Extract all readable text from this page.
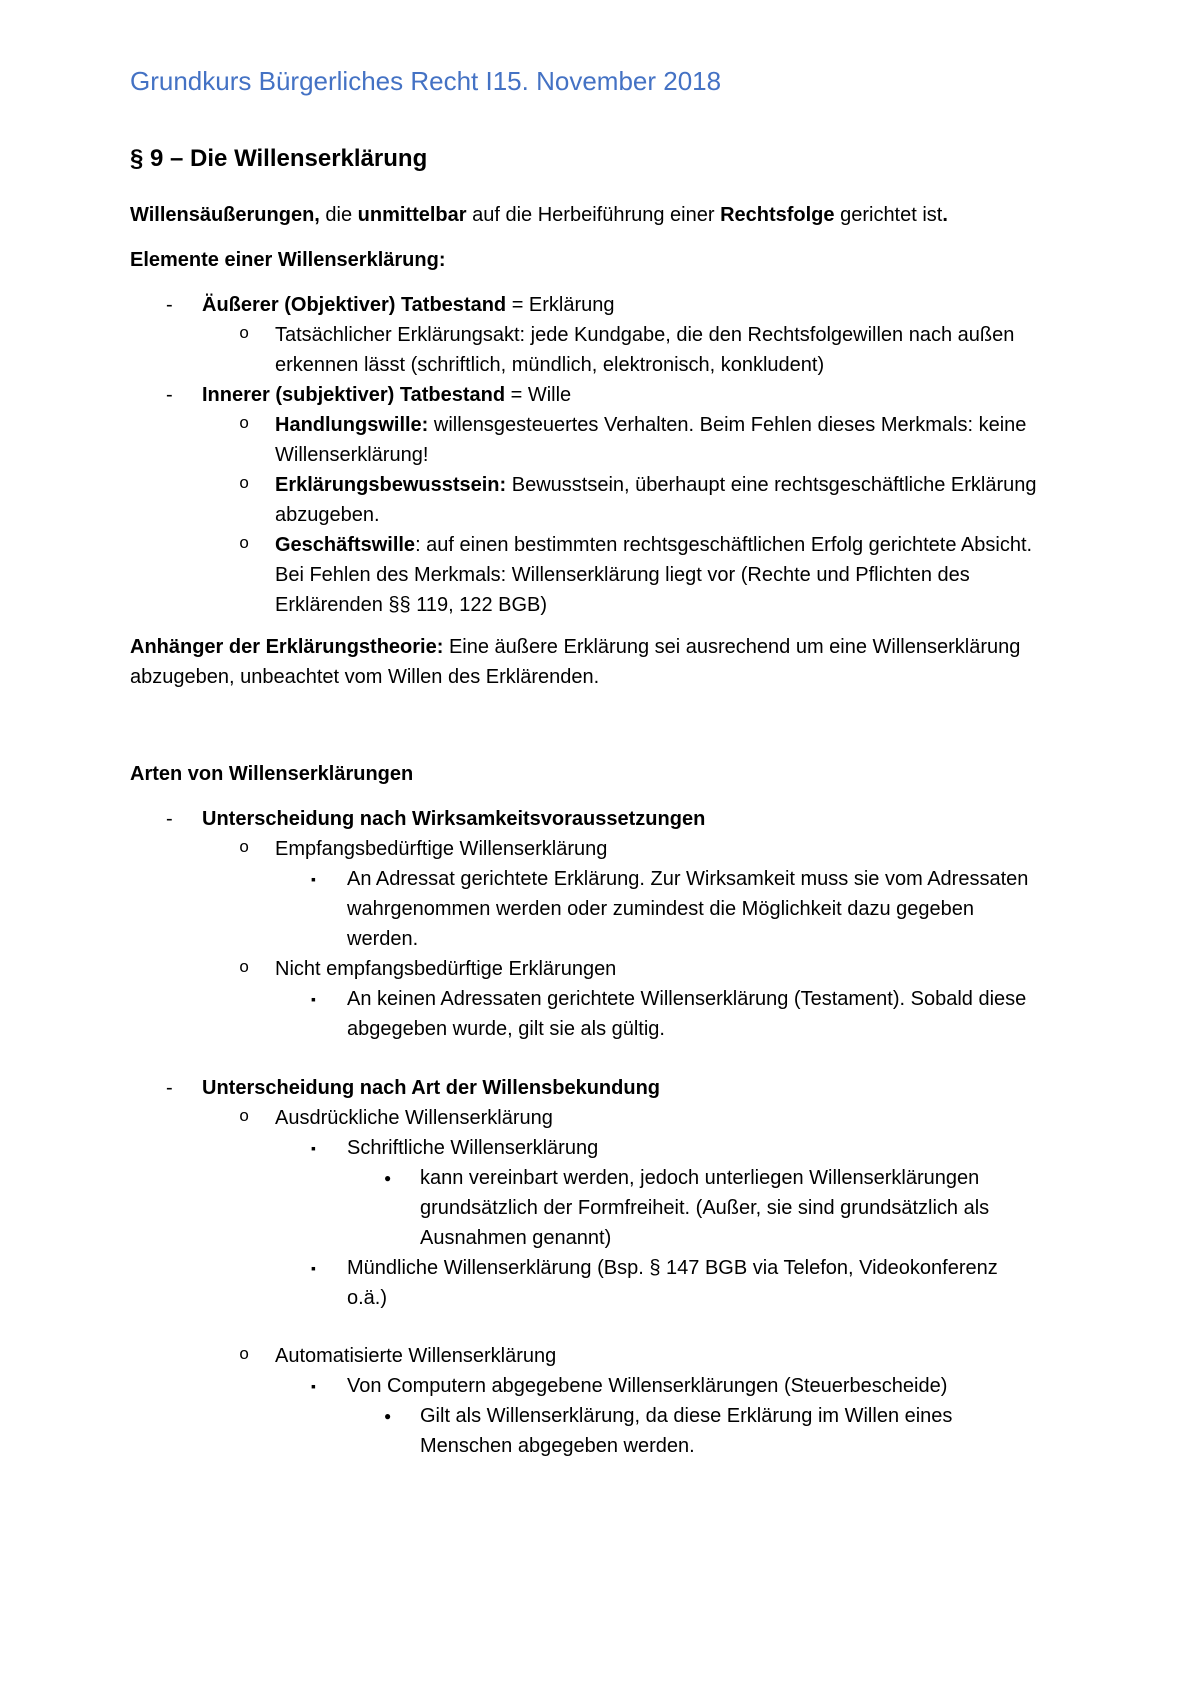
Grundkurs Bürgerliches Recht I15. November 2018
§ 9 – Die Willenserklärung
Willensäußerungen, die unmittelbar auf die Herbeiführung einer Rechtsfolge gerichtet ist.
Elemente einer Willenserklärung:
- Äußerer (Objektiver) Tatbestand = Erklärung
o Tatsächlicher Erklärungsakt: jede Kundgabe, die den Rechtsfolgewillen nach außen
erkennen lässt (schriftlich, mündlich, elektronisch, konkludent)
- Innerer (subjektiver) Tatbestand = Wille
o Handlungswille: willensgesteuertes Verhalten. Beim Fehlen dieses Merkmals: keine
Willenserklärung!
o Erklärungsbewusstsein: Bewusstsein, überhaupt eine rechtsgeschäftliche Erklärung
abzugeben.
o Geschäftswille: auf einen bestimmten rechtsgeschäftlichen Erfolg gerichtete Absicht.
Bei Fehlen des Merkmals: Willenserklärung liegt vor (Rechte und Pflichten des
Erklärenden §§ 119, 122 BGB)
Anhänger der Erklärungstheorie: Eine äußere Erklärung sei ausrechend um eine Willenserklärung
abzugeben, unbeachtet vom Willen des Erklärenden.
Arten von Willenserklärungen
- Unterscheidung nach Wirksamkeitsvoraussetzungen
o Empfangsbedürftige Willenserklärung
▪ An Adressat gerichtete Erklärung. Zur Wirksamkeit muss sie vom Adressaten
wahrgenommen werden oder zumindest die Möglichkeit dazu gegeben
werden.
o Nicht empfangsbedürftige Erklärungen
▪ An keinen Adressaten gerichtete Willenserklärung (Testament). Sobald diese
abgegeben wurde, gilt sie als gültig.
- Unterscheidung nach Art der Willensbekundung
o Ausdrückliche Willenserklärung
▪ Schriftliche Willenserklärung
● kann vereinbart werden, jedoch unterliegen Willenserklärungen
grundsätzlich der Formfreiheit. (Außer, sie sind grundsätzlich als
Ausnahmen genannt)
▪ Mündliche Willenserklärung (Bsp. § 147 BGB via Telefon, Videokonferenz
o.ä.)
o Automatisierte Willenserklärung
▪ Von Computern abgegebene Willenserklärungen (Steuerbescheide)
● Gilt als Willenserklärung, da diese Erklärung im Willen eines
Menschen abgegeben werden.
